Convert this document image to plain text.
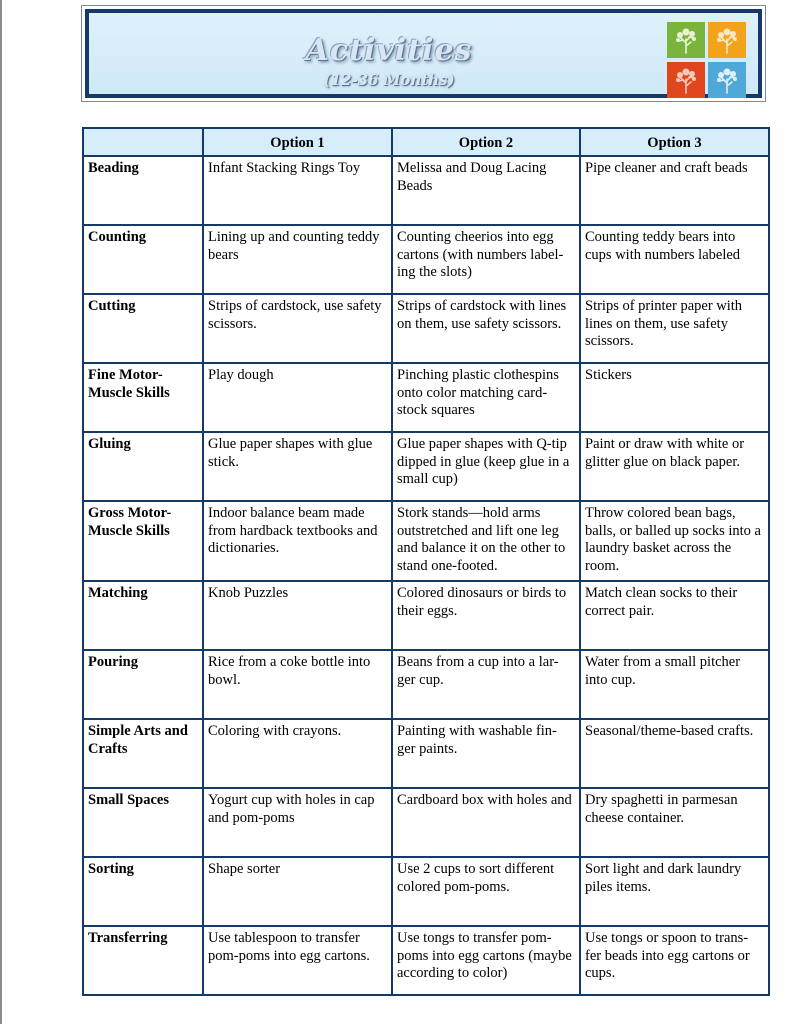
Activities
(12-36 Months)
	Option 1	Option 2	Option 3
Beading	Infant Stacking Rings Toy	Melissa and Doug Lacing Beads	Pipe cleaner and craft beads
Counting	Lining up and counting teddy bears	Counting cheerios into egg cartons (with numbers label-ing the slots)	Counting teddy bears into cups with numbers labeled
Cutting	Strips of cardstock, use safety scissors.	Strips of cardstock with lines on them, use safety scissors.	Strips of printer paper with lines on them, use safety scissors.
Fine Motor-Muscle Skills	Play dough	Pinching plastic clothespins onto color matching card-stock squares	Stickers
Gluing	Glue paper shapes with glue stick.	Glue paper shapes with Q-tip dipped in glue (keep glue in a small cup)	Paint or draw with white or glitter glue on black paper.
Gross Motor-Muscle Skills	Indoor balance beam made from hardback textbooks and dictionaries.	Stork stands—hold arms outstretched and lift one leg and balance it on the other to stand one-footed.	Throw colored bean bags, balls, or balled up socks into a laundry basket across the room.
Matching	Knob Puzzles	Colored dinosaurs or birds to their eggs.	Match clean socks to their correct pair.
Pouring	Rice from a coke bottle into bowl.	Beans from a cup into a lar-ger cup.	Water from a small pitcher into cup.
Simple Arts and Crafts	Coloring with crayons.	Painting with washable fin-ger paints.	Seasonal/theme-based crafts.
Small Spaces	Yogurt cup with holes in cap and pom-poms	Cardboard box with holes and	Dry spaghetti in parmesan cheese container.
Sorting	Shape sorter	Use 2 cups to sort different colored pom-poms.	Sort light and dark laundry piles items.
Transferring	Use tablespoon to transfer pom-poms into egg cartons.	Use tongs to transfer pom-poms into egg cartons (maybe according to color)	Use tongs or spoon to trans-fer beads into egg cartons or cups.
